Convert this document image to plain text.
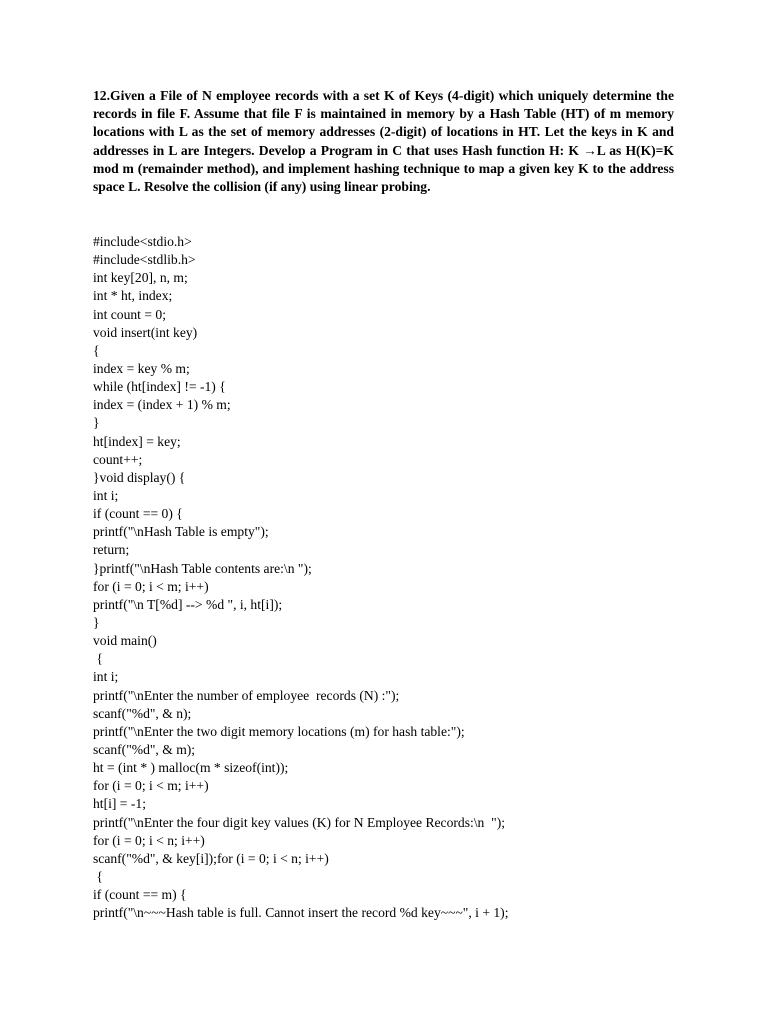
12.Given a File of N employee records with a set K of Keys (4-digit) which uniquely determine the records in file F. Assume that file F is maintained in memory by a Hash Table (HT) of m memory locations with L as the set of memory addresses (2-digit) of locations in HT. Let the keys in K and addresses in L are Integers. Develop a Program in C that uses Hash function H: K →L as H(K)=K mod m (remainder method), and implement hashing technique to map a given key K to the address space L. Resolve the collision (if any) using linear probing.

#include<stdio.h>
#include<stdlib.h>
int key[20], n, m;
int * ht, index;
int count = 0;
void insert(int key)
{
index = key % m;
while (ht[index] != -1) {
index = (index + 1) % m;
}
ht[index] = key;
count++;
}void display() {
int i;
if (count == 0) {
printf("\nHash Table is empty");
return;
}printf("\nHash Table contents are:\n ");
for (i = 0; i < m; i++)
printf("\n T[%d] --> %d ", i, ht[i]);
}
void main()
{
int i;
printf("\nEnter the number of employee  records (N) :");
scanf("%d", & n);
printf("\nEnter the two digit memory locations (m) for hash table:");
scanf("%d", & m);
ht = (int * ) malloc(m * sizeof(int));
for (i = 0; i < m; i++)
ht[i] = -1;
printf("\nEnter the four digit key values (K) for N Employee Records:\n  ");
for (i = 0; i < n; i++)
scanf("%d", & key[i]);for (i = 0; i < n; i++)
{
if (count == m) {
printf("\n~~~Hash table is full. Cannot insert the record %d key~~~", i + 1);
